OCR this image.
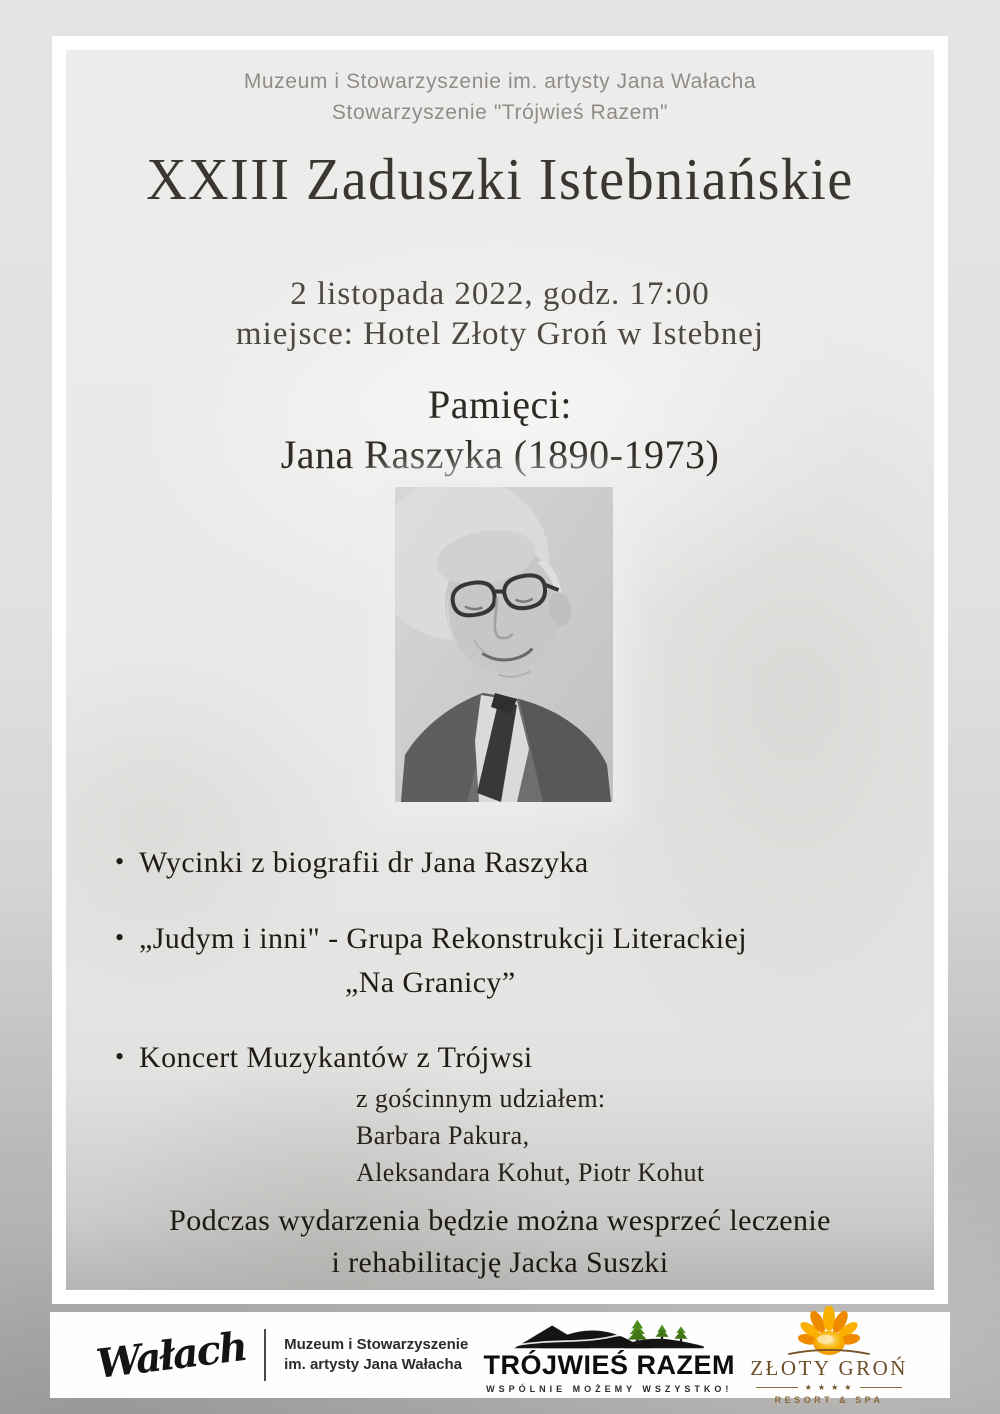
Muzeum i Stowarzyszenie im. artysty Jana Wałacha
Stowarzyszenie "Trójwieś Razem"
XXIII Zaduszki Istebniańskie
2 listopada 2022, godz. 17:00
miejsce: Hotel Złoty Groń w Istebnej
Pamięci:
Jana Raszyka (1890-1973)
• Wycinki z biografii dr Jana Raszyka
• „Judym i inni" - Grupa Rekonstrukcji Literackiej
„Na Granicy”
• Koncert Muzykantów z Trójwsi
z gościnnym udziałem:
Barbara Pakura,
Aleksandara Kohut, Piotr Kohut
Podczas wydarzenia będzie można wesprzeć leczenie
i rehabilitację Jacka Suszki
Wałach Muzeum i Stowarzyszenie
im. artysty Jana Wałacha TRÓJWIEŚ RAZEM
WSPÓLNIE MOŻEMY WSZYSTKO!
ZŁOTY GROŃ
★ ★ ★ ★
RESORT & SPA
